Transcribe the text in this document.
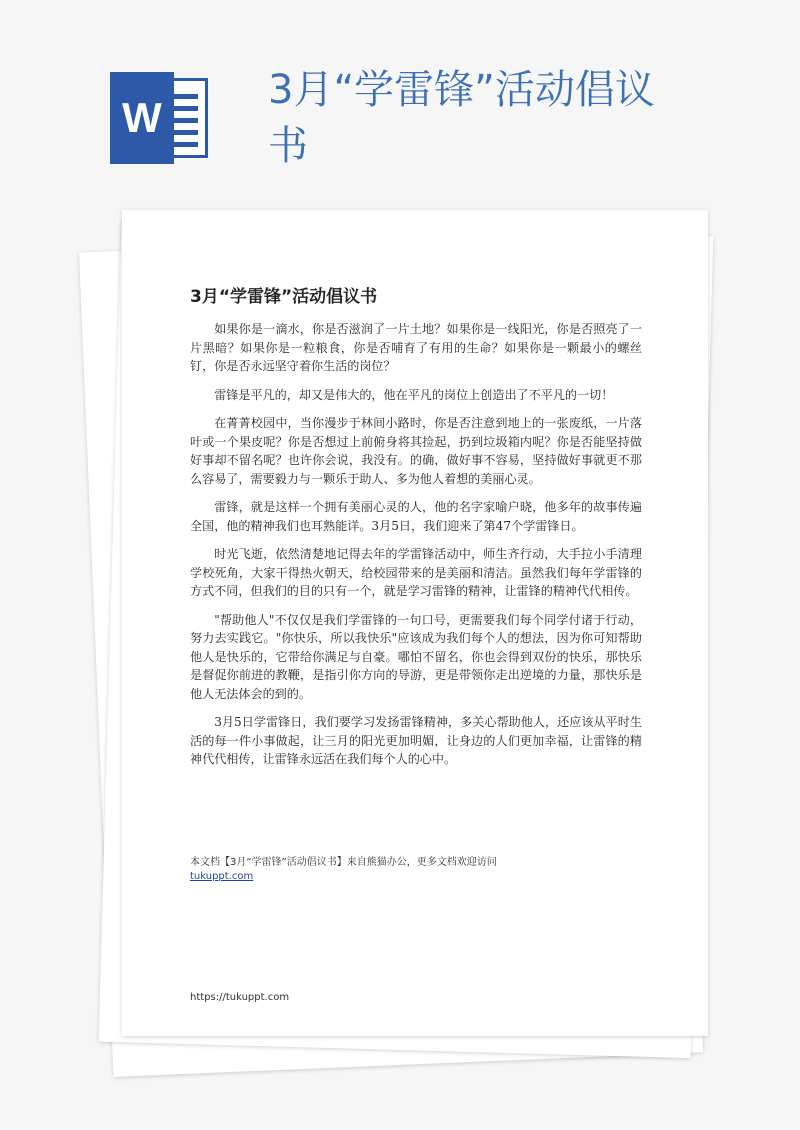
W
3月“学雷锋”活动倡议书
3月“学雷锋”活动倡议书

如果你是一滴水，你是否滋润了一片土地？如果你是一线阳光，你是否照亮了一片黑暗？如果你是一粒粮食，你是否哺育了有用的生命？如果你是一颗最小的螺丝钉，你是否永远坚守着你生活的岗位？

雷锋是平凡的，却又是伟大的，他在平凡的岗位上创造出了不平凡的一切！

在菁菁校园中，当你漫步于林间小路时，你是否注意到地上的一张废纸，一片落叶或一个果皮呢？你是否想过上前俯身将其捡起，扔到垃圾箱内呢？你是否能坚持做好事却不留名呢？也许你会说，我没有。的确，做好事不容易，坚持做好事就更不那么容易了，需要毅力与一颗乐于助人、多为他人着想的美丽心灵。

雷锋，就是这样一个拥有美丽心灵的人，他的名字家喻户晓，他多年的故事传遍全国，他的精神我们也耳熟能详。3月5日，我们迎来了第47个学雷锋日。

时光飞逝，依然清楚地记得去年的学雷锋活动中，师生齐行动，大手拉小手清理学校死角，大家干得热火朝天，给校园带来的是美丽和清洁。虽然我们每年学雷锋的方式不同，但我们的目的只有一个，就是学习雷锋的精神，让雷锋的精神代代相传。

"帮助他人"不仅仅是我们学雷锋的一句口号，更需要我们每个同学付诸于行动，努力去实践它。"你快乐，所以我快乐"应该成为我们每个人的想法，因为你可知帮助他人是快乐的，它带给你满足与自豪。哪怕不留名，你也会得到双份的快乐，那快乐是督促你前进的教鞭，是指引你方向的导游，更是带领你走出逆境的力量，那快乐是他人无法体会的到的。

3月5日学雷锋日，我们要学习发扬雷锋精神，多关心帮助他人，还应该从平时生活的每一件小事做起，让三月的阳光更加明媚，让身边的人们更加幸福，让雷锋的精神代代相传，让雷锋永远活在我们每个人的心中。

本文档【3月“学雷锋”活动倡议书】来自熊猫办公，更多文档欢迎访问
tukuppt.com
https://tukuppt.com
